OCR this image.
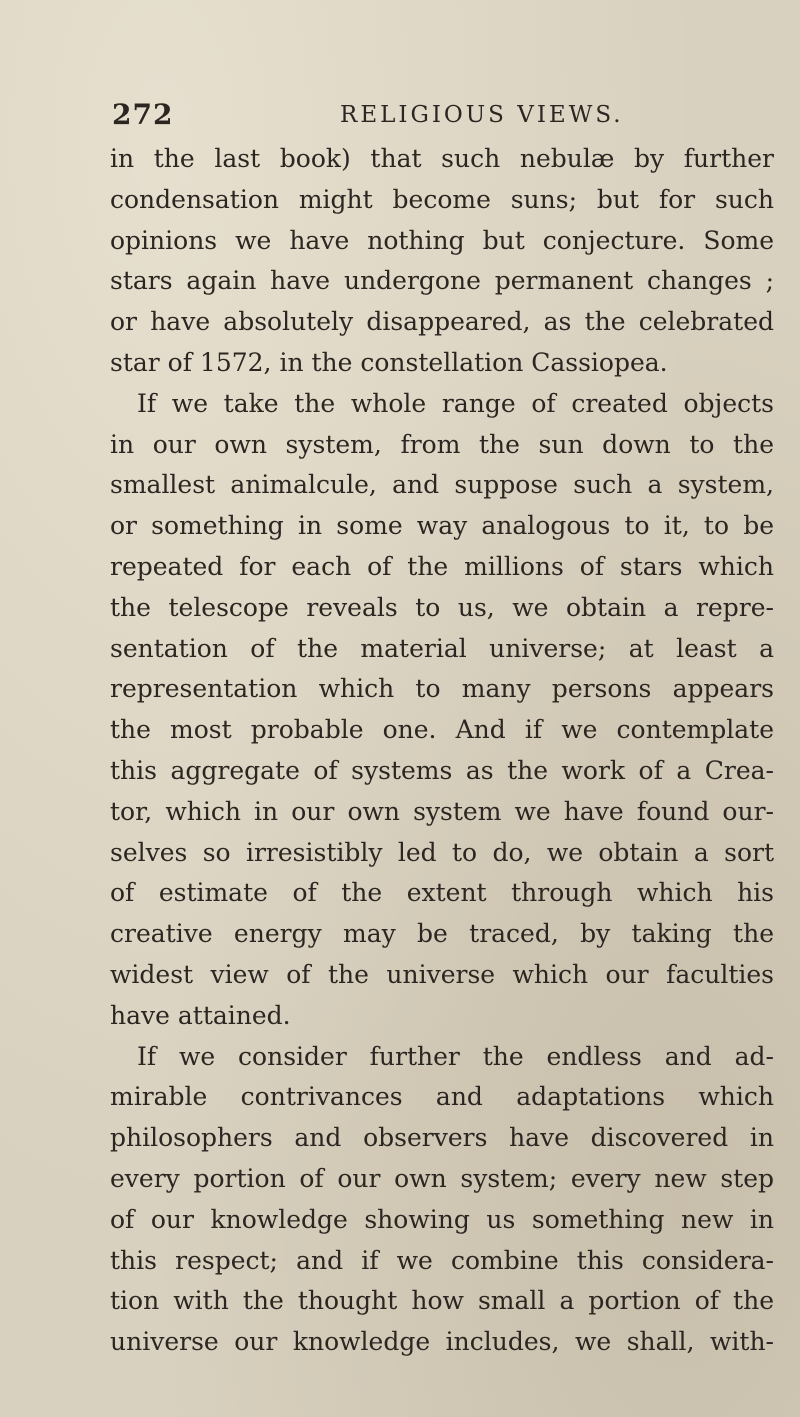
272	RELIGIOUS VIEWS.
in the last book) that such nebulæ by further
condensation might become suns; but for such
opinions we have nothing but conjecture. Some
stars again have undergone permanent changes ;
or have absolutely disappeared, as the celebrated
star of 1572, in the constellation Cassiopea.
If we take the whole range of created objects
in our own system, from the sun down to the
smallest animalcule, and suppose such a system,
or something in some way analogous to it, to be
repeated for each of the millions of stars which
the telescope reveals to us, we obtain a repre-
sentation of the material universe; at least a
representation which to many persons appears
the most probable one. And if we contemplate
this aggregate of systems as the work of a Crea-
tor, which in our own system we have found our-
selves so irresistibly led to do, we obtain a sort
of estimate of the extent through which his
creative energy may be traced, by taking the
widest view of the universe which our faculties
have attained.
If we consider further the endless and ad-
mirable contrivances and adaptations which
philosophers and observers have discovered in
every portion of our own system; every new step
of our knowledge showing us something new in
this respect; and if we combine this considera-
tion with the thought how small a portion of the
universe our knowledge includes, we shall, with-
